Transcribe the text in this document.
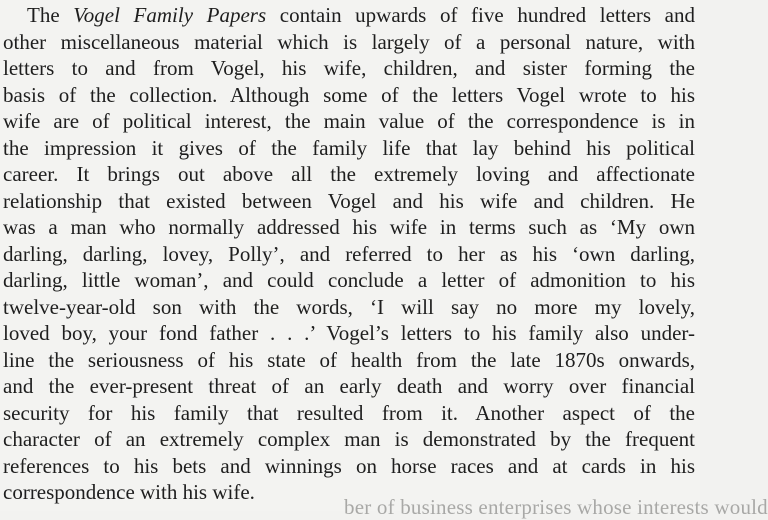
The Vogel Family Papers contain upwards of five hundred letters and
other miscellaneous material which is largely of a personal nature, with
letters to and from Vogel, his wife, children, and sister forming the
basis of the collection. Although some of the letters Vogel wrote to his
wife are of political interest, the main value of the correspondence is in
the impression it gives of the family life that lay behind his political
career. It brings out above all the extremely loving and affectionate
relationship that existed between Vogel and his wife and children. He
was a man who normally addressed his wife in terms such as ‘My own
darling, darling, lovey, Polly’, and referred to her as his ‘own darling,
darling, little woman’, and could conclude a letter of admonition to his
twelve-year-old son with the words, ‘I will say no more my lovely,
loved boy, your fond father . . .’ Vogel’s letters to his family also under-
line the seriousness of his state of health from the late 1870s onwards,
and the ever-present threat of an early death and worry over financial
security for his family that resulted from it. Another aspect of the
character of an extremely complex man is demonstrated by the frequent
references to his bets and winnings on horse races and at cards in his
correspondence with his wife.
ber of business enterprises whose interests would
